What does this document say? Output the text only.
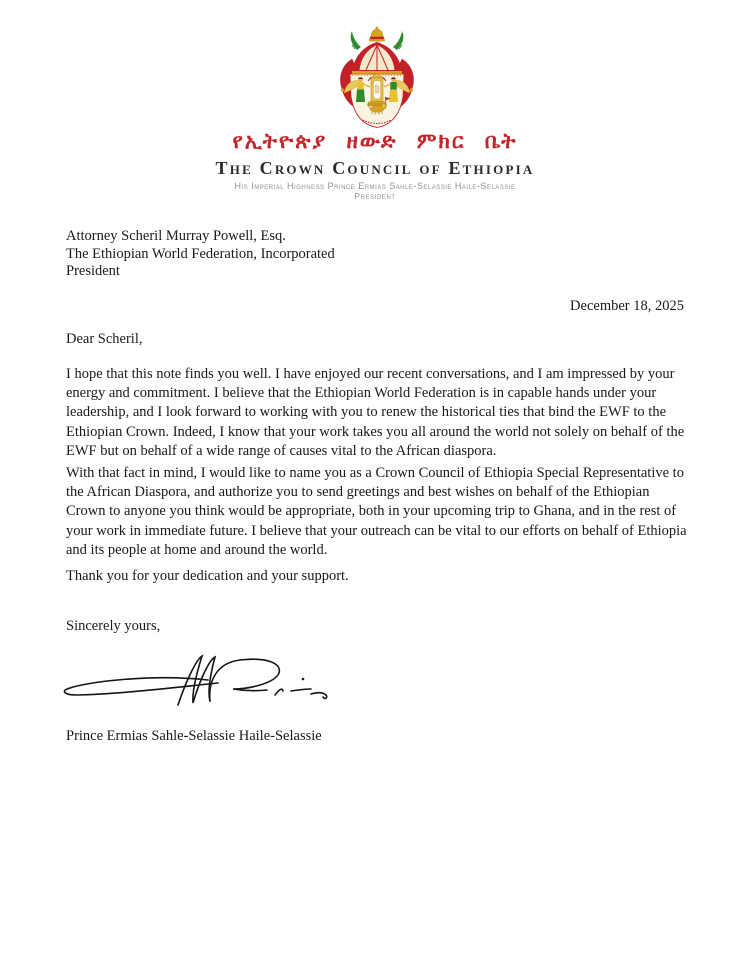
የኢትዮጵያ ዘውድ ምክር ቤት
The Crown Council of Ethiopia
His Imperial Highness Prince Ermias Sahle-Selassie Haile-Selassie
President
Attorney Scheril Murray Powell, Esq.
The Ethiopian World Federation, Incorporated
President
December 18, 2025
Dear Scheril,
I hope that this note finds you well. I have enjoyed our recent conversations, and I am impressed by your energy and commitment. I believe that the Ethiopian World Federation is in capable hands under your leadership, and I look forward to working with you to renew the historical ties that bind the EWF to the Ethiopian Crown. Indeed, I know that your work takes you all around the world not solely on behalf of the EWF but on behalf of a wide range of causes vital to the African diaspora.
With that fact in mind, I would like to name you as a Crown Council of Ethiopia Special Representative to the African Diaspora, and authorize you to send greetings and best wishes on behalf of the Ethiopian Crown to anyone you think would be appropriate, both in your upcoming trip to Ghana, and in the rest of your work in immediate future. I believe that your outreach can be vital to our efforts on behalf of Ethiopia and its people at home and around the world.
Thank you for your dedication and your support.
Sincerely yours,
Prince Ermias Sahle-Selassie Haile-Selassie
